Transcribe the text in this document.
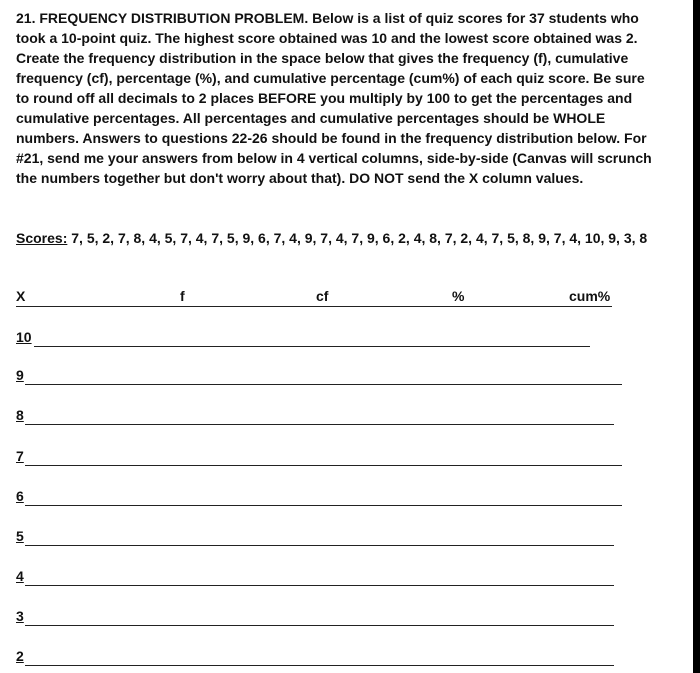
21. FREQUENCY DISTRIBUTION PROBLEM. Below is a list of quiz scores for 37 students who took a 10-point quiz. The highest score obtained was 10 and the lowest score obtained was 2. Create the frequency distribution in the space below that gives the frequency (f), cumulative frequency (cf), percentage (%), and cumulative percentage (cum%) of each quiz score. Be sure to round off all decimals to 2 places BEFORE you multiply by 100 to get the percentages and cumulative percentages. All percentages and cumulative percentages should be WHOLE numbers. Answers to questions 22-26 should be found in the frequency distribution below. For #21, send me your answers from below in 4 vertical columns, side-by-side (Canvas will scrunch the numbers together but don't worry about that). DO NOT send the X column values.

Scores: 7, 5, 2, 7, 8, 4, 5, 7, 4, 7, 5, 9, 6, 7, 4, 9, 7, 4, 7, 9, 6, 2, 4, 8, 7, 2, 4, 7, 5, 8, 9, 7, 4, 10, 9, 3, 8

X	f	cf	%	cum%
10
9
8
7
6
5
4
3
2
